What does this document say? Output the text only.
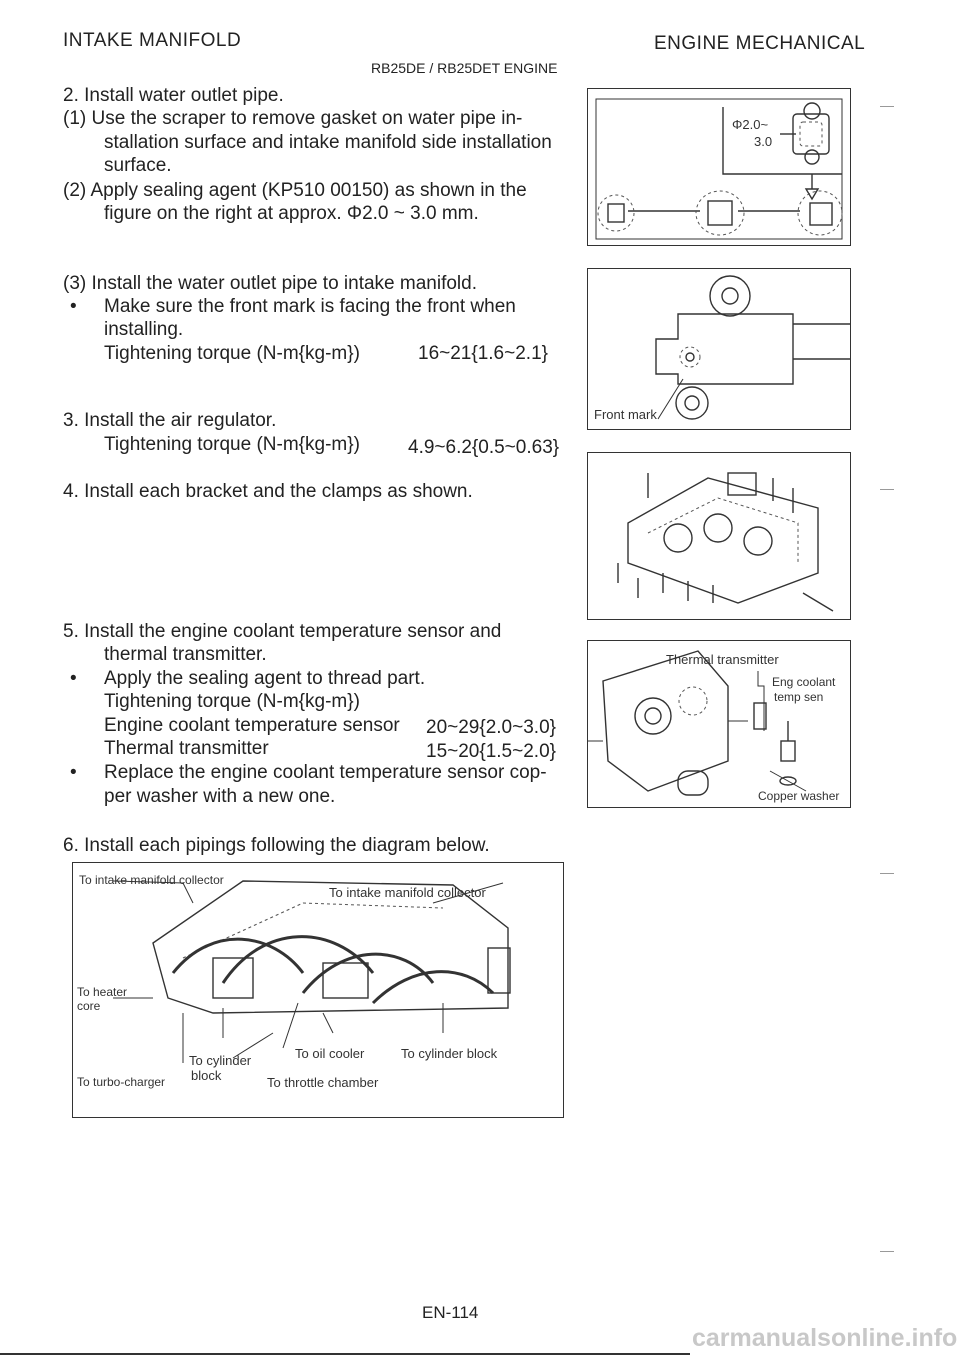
INTAKE MANIFOLD	ENGINE MECHANICAL
RB25DE / RB25DET ENGINE
2. Install water outlet pipe.
(1) Use the scraper to remove gasket on water pipe in-
stallation surface and intake manifold side installation
surface.
(2) Apply sealing agent (KP510 00150) as shown in the
figure on the right at approx. Φ2.0 ~ 3.0 mm.
(3) Install the water outlet pipe to intake manifold.
• Make sure the front mark is facing the front when
installing.
Tightening torque (N-m{kg-m})	16~21{1.6~2.1}
3. Install the air regulator.
Tightening torque (N-m{kg-m})	4.9~6.2{0.5~0.63}
4. Install each bracket and the clamps as shown.
5. Install the engine coolant temperature sensor and
thermal transmitter.
• Apply the sealing agent to thread part.
Tightening torque (N-m{kg-m})
Engine coolant temperature sensor 20~29{2.0~3.0}
Thermal transmitter	15~20{1.5~2.0}
• Replace the engine coolant temperature sensor cop-
per washer with a new one.
6. Install each pipings following the diagram below.
Φ2.0~
3.0
Front mark
Thermal transmitter
Eng coolant
temp sen
Copper washer
To intake manifold collector
To intake manifold collector
To heater
core
To turbo-charger
To cylinder
block
To oil cooler	To cylinder block
To throttle chamber
EN-114
carmanualsonline.info
